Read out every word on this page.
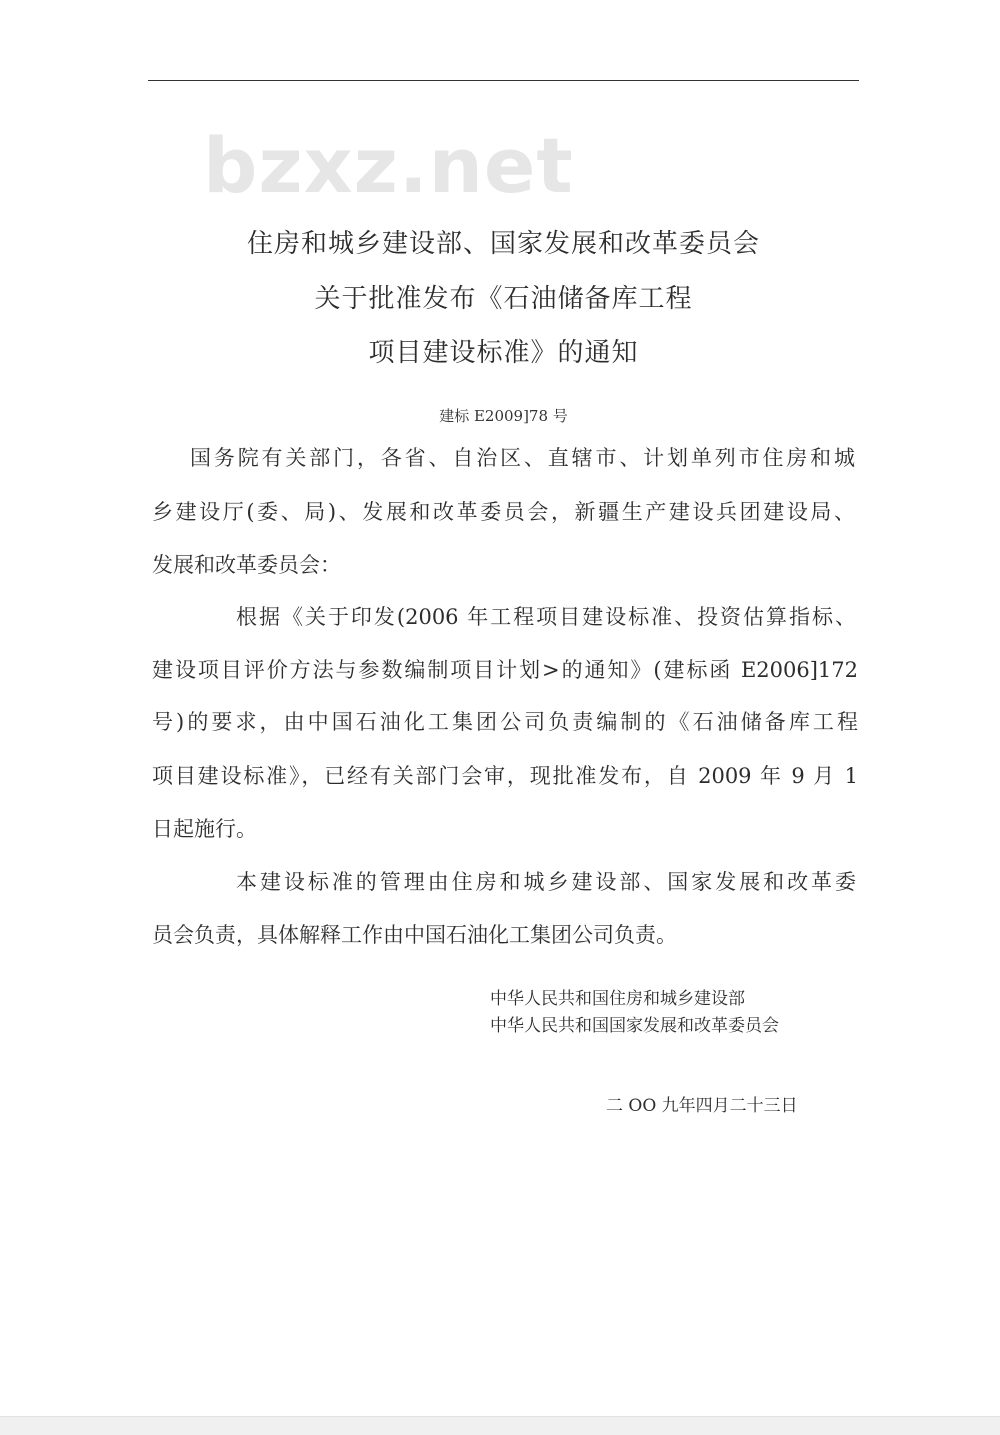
bzxz.net
住房和城乡建设部、国家发展和改革委员会
关于批准发布《石油储备库工程
项目建设标准》的通知
建标 E2009]78 号
国务院有关部门，各省、自治区、直辖市、计划单列市住房和城
乡建设厅(委、局)、发展和改革委员会，新疆生产建设兵团建设局、
发展和改革委员会：
根据《关于印发(2006 年工程项目建设标准、投资估算指标、
建设项目评价方法与参数编制项目计划>的通知》(建标函 E2006]172
号)的要求，由中国石油化工集团公司负责编制的《石油储备库工程
项目建设标准》，已经有关部门会审，现批准发布，自 2009 年 9 月 1
日起施行。
本建设标准的管理由住房和城乡建设部、国家发展和改革委
员会负责，具体解释工作由中国石油化工集团公司负责。
中华人民共和国住房和城乡建设部
中华人民共和国国家发展和改革委员会
二 OO 九年四月二十三日
